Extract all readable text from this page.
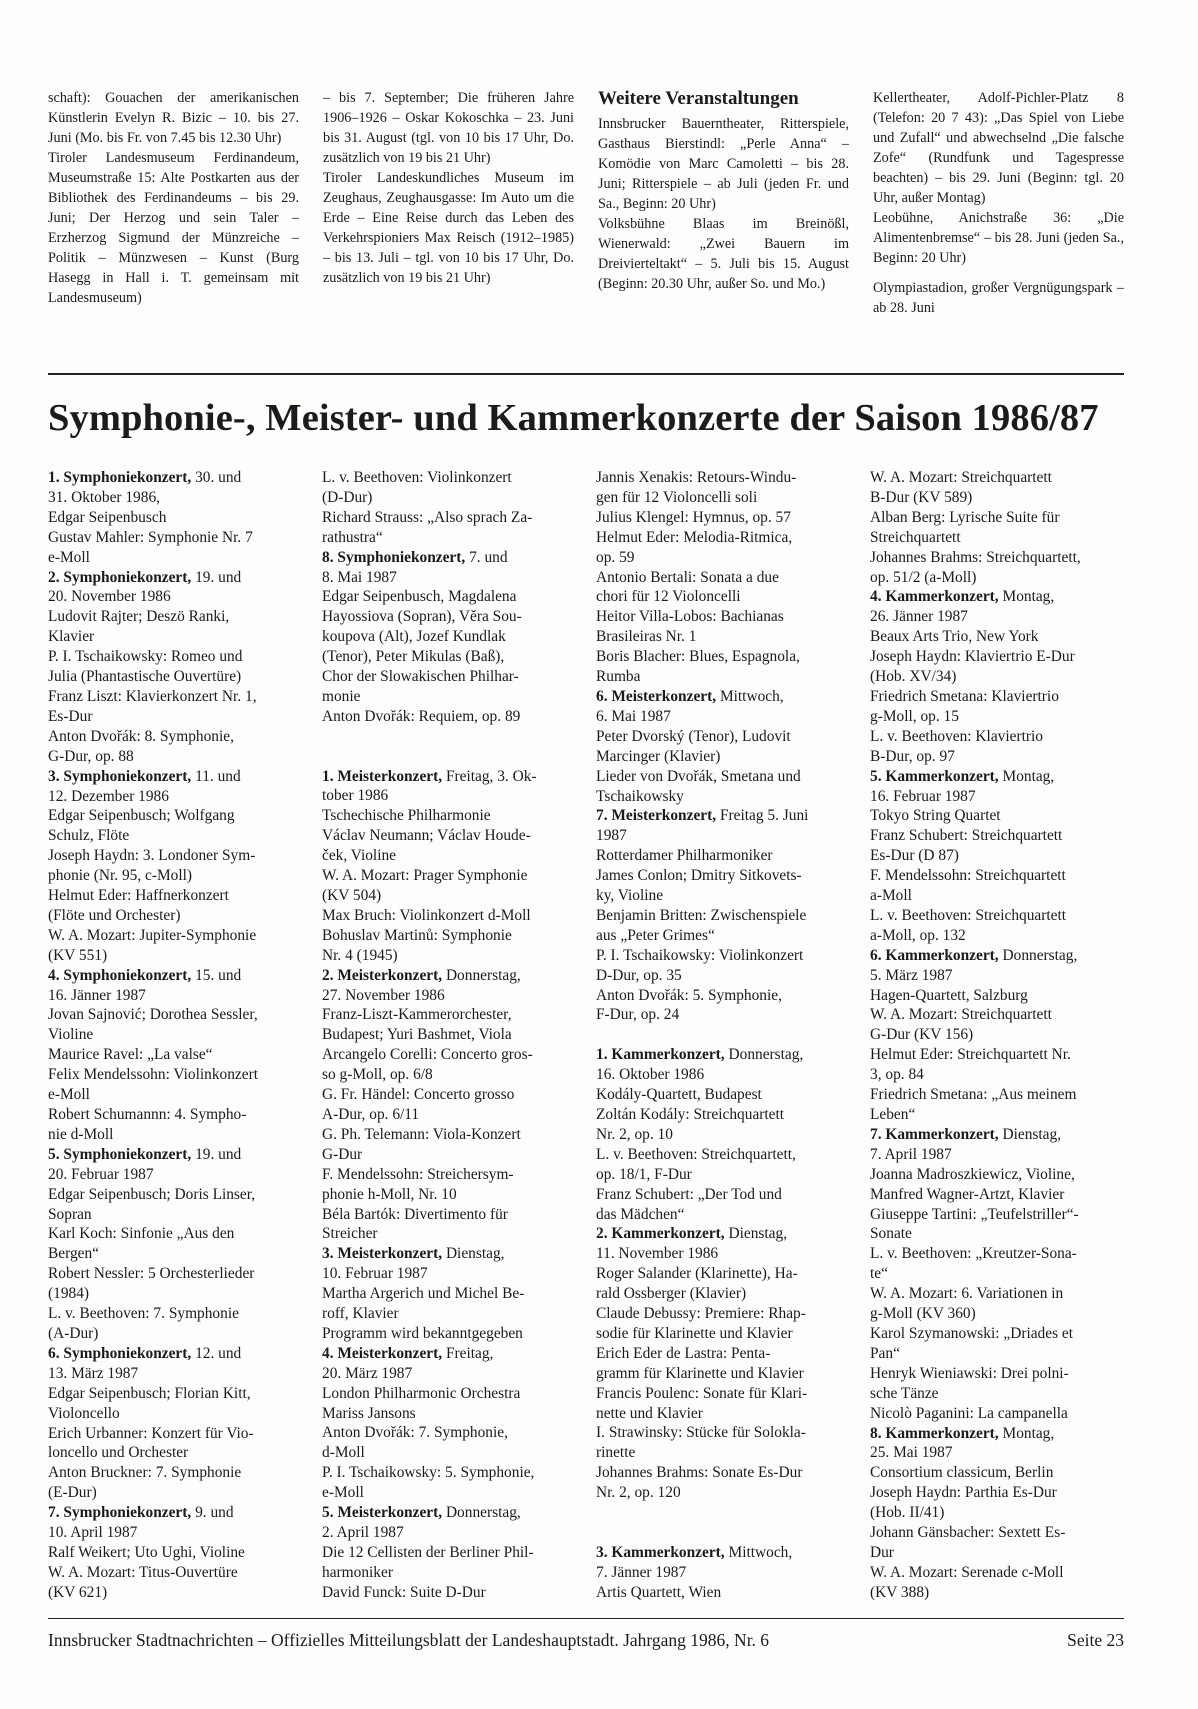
schaft): Gouachen der amerikanischen Künstlerin Evelyn R. Bizic – 10. bis 27. Juni (Mo. bis Fr. von 7.45 bis 12.30 Uhr)

Tiroler Landesmuseum Ferdinandeum, Museumstraße 15: Alte Postkarten aus der Bibliothek des Ferdinandeums – bis 29. Juni; Der Herzog und sein Taler – Erzherzog Sigmund der Münzreiche – Politik – Münzwesen – Kunst (Burg Hasegg in Hall i. T. gemeinsam mit Landesmuseum)

– bis 7. September; Die früheren Jahre 1906–1926 – Oskar Kokoschka – 23. Juni bis 31. August (tgl. von 10 bis 17 Uhr, Do. zusätzlich von 19 bis 21 Uhr)

Tiroler Landeskundliches Museum im Zeughaus, Zeughausgasse: Im Auto um die Erde – Eine Reise durch das Leben des Verkehrspioniers Max Reisch (1912–1985) – bis 13. Juli – tgl. von 10 bis 17 Uhr, Do. zusätzlich von 19 bis 21 Uhr)

Weitere Veranstaltungen

Innsbrucker Bauerntheater, Ritterspiele, Gasthaus Bierstindl: „Perle Anna“ – Komödie von Marc Camoletti – bis 28. Juni; Ritterspiele – ab Juli (jeden Fr. und Sa., Beginn: 20 Uhr)

Volksbühne Blaas im Breinößl, Wienerwald: „Zwei Bauern im Dreivierteltakt“ – 5. Juli bis 15. August (Beginn: 20.30 Uhr, außer So. und Mo.)

Kellertheater, Adolf-Pichler-Platz 8 (Telefon: 20 7 43): „Das Spiel von Liebe und Zufall“ und abwechselnd „Die falsche Zofe“ (Rundfunk und Tagespresse beachten) – bis 29. Juni (Beginn: tgl. 20 Uhr, außer Montag)

Leobühne, Anichstraße 36: „Die Alimentenbremse“ – bis 28. Juni (jeden Sa., Beginn: 20 Uhr)

Olympiastadion, großer Vergnügungspark – ab 28. Juni

Symphonie-, Meister- und Kammerkonzerte der Saison 1986/87
1. Symphoniekonzert, 30. und
31. Oktober 1986,
Edgar Seipenbusch
Gustav Mahler: Symphonie Nr. 7
e-Moll
2. Symphoniekonzert, 19. und
20. November 1986
Ludovit Rajter; Deszö Ranki,
Klavier
P. I. Tschaikowsky: Romeo und
Julia (Phantastische Ouvertüre)
Franz Liszt: Klavierkonzert Nr. 1,
Es-Dur
Anton Dvořák: 8. Symphonie,
G-Dur, op. 88
3. Symphoniekonzert, 11. und
12. Dezember 1986
Edgar Seipenbusch; Wolfgang
Schulz, Flöte
Joseph Haydn: 3. Londoner Sym-
phonie (Nr. 95, c-Moll)
Helmut Eder: Haffnerkonzert
(Flöte und Orchester)
W. A. Mozart: Jupiter-Symphonie
(KV 551)
4. Symphoniekonzert, 15. und
16. Jänner 1987
Jovan Sajnović; Dorothea Sessler,
Violine
Maurice Ravel: „La valse“
Felix Mendelssohn: Violinkonzert
e-Moll
Robert Schumannn: 4. Sympho-
nie d-Moll
5. Symphoniekonzert, 19. und
20. Februar 1987
Edgar Seipenbusch; Doris Linser,
Sopran
Karl Koch: Sinfonie „Aus den
Bergen“
Robert Nessler: 5 Orchesterlieder
(1984)
L. v. Beethoven: 7. Symphonie
(A-Dur)
6. Symphoniekonzert, 12. und
13. März 1987
Edgar Seipenbusch; Florian Kitt,
Violoncello
Erich Urbanner: Konzert für Vio-
loncello und Orchester
Anton Bruckner: 7. Symphonie
(E-Dur)
7. Symphoniekonzert, 9. und
10. April 1987
Ralf Weikert; Uto Ughi, Violine
W. A. Mozart: Titus-Ouvertüre
(KV 621)
L. v. Beethoven: Violinkonzert
(D-Dur)
Richard Strauss: „Also sprach Za-
rathustra“
8. Symphoniekonzert, 7. und
8. Mai 1987
Edgar Seipenbusch, Magdalena
Hayossiova (Sopran), Věra Sou-
koupova (Alt), Jozef Kundlak
(Tenor), Peter Mikulas (Baß),
Chor der Slowakischen Philhar-
monie
Anton Dvořák: Requiem, op. 89
1. Meisterkonzert, Freitag, 3. Ok-
tober 1986
Tschechische Philharmonie
Václav Neumann; Václav Houde-
ček, Violine
W. A. Mozart: Prager Symphonie
(KV 504)
Max Bruch: Violinkonzert d-Moll
Bohuslav Martinů: Symphonie
Nr. 4 (1945)
2. Meisterkonzert, Donnerstag,
27. November 1986
Franz-Liszt-Kammerorchester,
Budapest; Yuri Bashmet, Viola
Arcangelo Corelli: Concerto gros-
so g-Moll, op. 6/8
G. Fr. Händel: Concerto grosso
A-Dur, op. 6/11
G. Ph. Telemann: Viola-Konzert
G-Dur
F. Mendelssohn: Streichersym-
phonie h-Moll, Nr. 10
Béla Bartók: Divertimento für
Streicher
3. Meisterkonzert, Dienstag,
10. Februar 1987
Martha Argerich und Michel Be-
roff, Klavier
Programm wird bekanntgegeben
4. Meisterkonzert, Freitag,
20. März 1987
London Philharmonic Orchestra
Mariss Jansons
Anton Dvořák: 7. Symphonie,
d-Moll
P. I. Tschaikowsky: 5. Symphonie,
e-Moll
5. Meisterkonzert, Donnerstag,
2. April 1987
Die 12 Cellisten der Berliner Phil-
harmoniker
David Funck: Suite D-Dur
Jannis Xenakis: Retours-Windu-
gen für 12 Violoncelli soli
Julius Klengel: Hymnus, op. 57
Helmut Eder: Melodia-Ritmica,
op. 59
Antonio Bertali: Sonata a due
chori für 12 Violoncelli
Heitor Villa-Lobos: Bachianas
Brasileiras Nr. 1
Boris Blacher: Blues, Espagnola,
Rumba
6. Meisterkonzert, Mittwoch,
6. Mai 1987
Peter Dvorský (Tenor), Ludovit
Marcinger (Klavier)
Lieder von Dvořák, Smetana und
Tschaikowsky
7. Meisterkonzert, Freitag 5. Juni
1987
Rotterdamer Philharmoniker
James Conlon; Dmitry Sitkovets-
ky, Violine
Benjamin Britten: Zwischenspiele
aus „Peter Grimes“
P. I. Tschaikowsky: Violinkonzert
D-Dur, op. 35
Anton Dvořák: 5. Symphonie,
F-Dur, op. 24
1. Kammerkonzert, Donnerstag,
16. Oktober 1986
Kodály-Quartett, Budapest
Zoltán Kodály: Streichquartett
Nr. 2, op. 10
L. v. Beethoven: Streichquartett,
op. 18/1, F-Dur
Franz Schubert: „Der Tod und
das Mädchen“
2. Kammerkonzert, Dienstag,
11. November 1986
Roger Salander (Klarinette), Ha-
rald Ossberger (Klavier)
Claude Debussy: Premiere: Rhap-
sodie für Klarinette und Klavier
Erich Eder de Lastra: Penta-
gramm für Klarinette und Klavier
Francis Poulenc: Sonate für Klari-
nette und Klavier
I. Strawinsky: Stücke für Solokla-
rinette
Johannes Brahms: Sonate Es-Dur
Nr. 2, op. 120
3. Kammerkonzert, Mittwoch,
7. Jänner 1987
Artis Quartett, Wien
W. A. Mozart: Streichquartett
B-Dur (KV 589)
Alban Berg: Lyrische Suite für
Streichquartett
Johannes Brahms: Streichquartett,
op. 51/2 (a-Moll)
4. Kammerkonzert, Montag,
26. Jänner 1987
Beaux Arts Trio, New York
Joseph Haydn: Klaviertrio E-Dur
(Hob. XV/34)
Friedrich Smetana: Klaviertrio
g-Moll, op. 15
L. v. Beethoven: Klaviertrio
B-Dur, op. 97
5. Kammerkonzert, Montag,
16. Februar 1987
Tokyo String Quartet
Franz Schubert: Streichquartett
Es-Dur (D 87)
F. Mendelssohn: Streichquartett
a-Moll
L. v. Beethoven: Streichquartett
a-Moll, op. 132
6. Kammerkonzert, Donnerstag,
5. März 1987
Hagen-Quartett, Salzburg
W. A. Mozart: Streichquartett
G-Dur (KV 156)
Helmut Eder: Streichquartett Nr.
3, op. 84
Friedrich Smetana: „Aus meinem
Leben“
7. Kammerkonzert, Dienstag,
7. April 1987
Joanna Madroszkiewicz, Violine,
Manfred Wagner-Artzt, Klavier
Giuseppe Tartini: „Teufelstriller“-
Sonate
L. v. Beethoven: „Kreutzer-Sona-
te“
W. A. Mozart: 6. Variationen in
g-Moll (KV 360)
Karol Szymanowski: „Driades et
Pan“
Henryk Wieniawski: Drei polni-
sche Tänze
Nicolò Paganini: La campanella
8. Kammerkonzert, Montag,
25. Mai 1987
Consortium classicum, Berlin
Joseph Haydn: Parthia Es-Dur
(Hob. II/41)
Johann Gänsbacher: Sextett Es-
Dur
W. A. Mozart: Serenade c-Moll
(KV 388)
Innsbrucker Stadtnachrichten – Offizielles Mitteilungsblatt der Landeshauptstadt. Jahrgang 1986, Nr. 6	Seite 23
